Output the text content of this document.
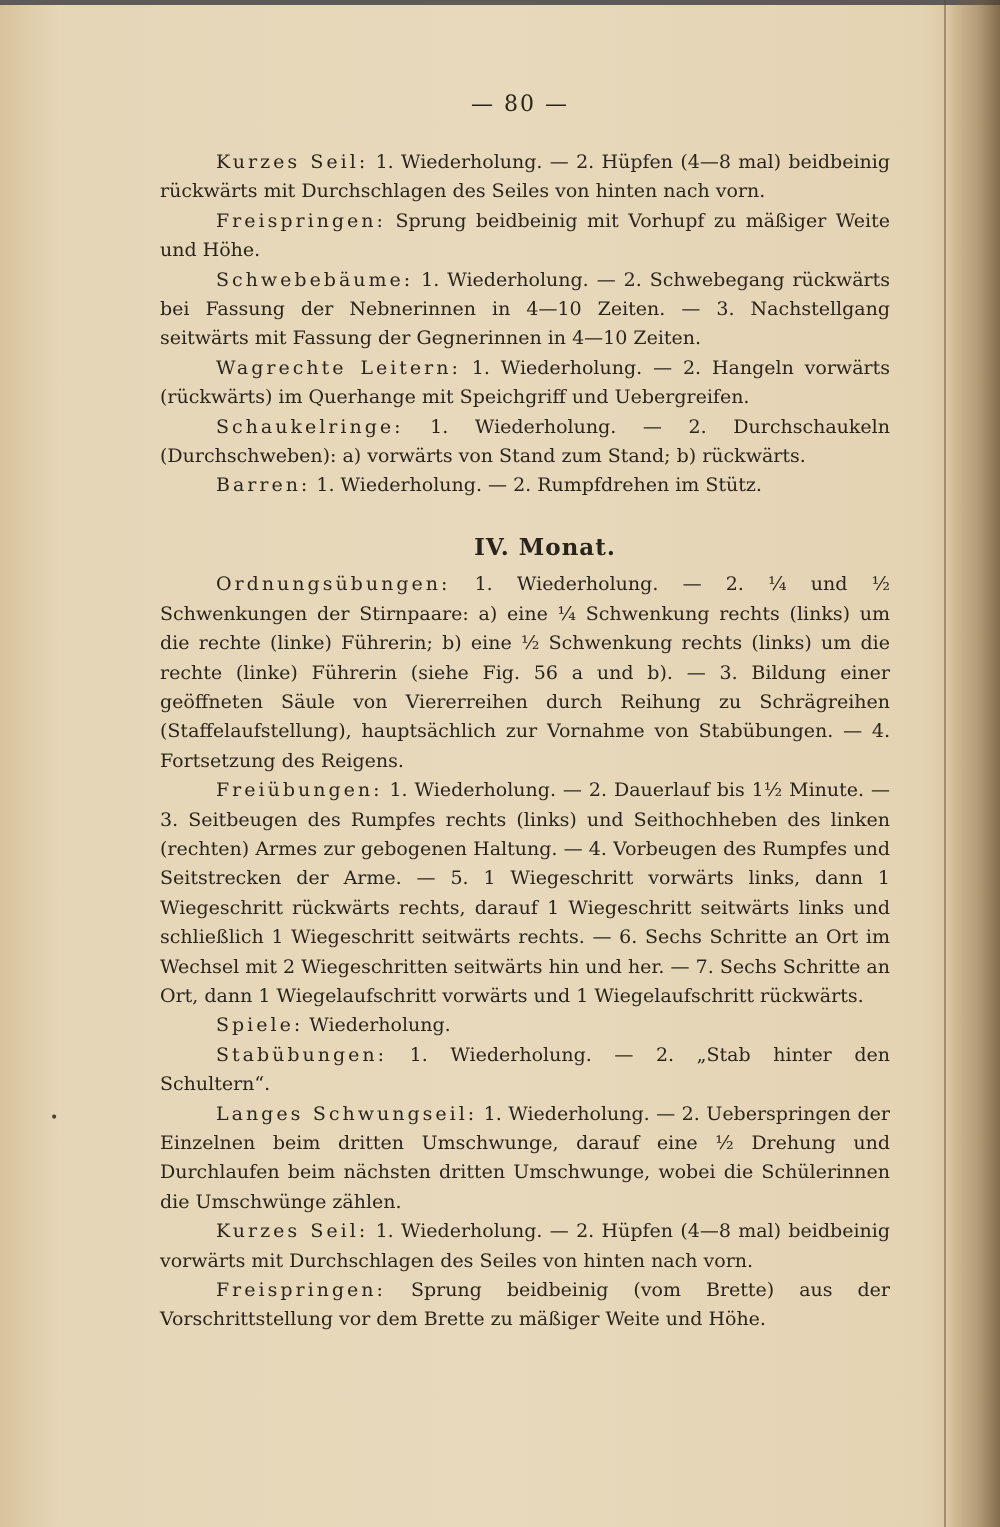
— 80 —

Kurzes Seil: 1. Wiederholung. — 2. Hüpfen (4—8 mal) beidbeinig rückwärts mit Durchschlagen des Seiles von hinten nach vorn.

Freispringen: Sprung beidbeinig mit Vorhupf zu mäßiger Weite und Höhe.

Schwebebäume: 1. Wiederholung. — 2. Schwebegang rückwärts bei Fassung der Nebnerinnen in 4—10 Zeiten. — 3. Nachstellgang seitwärts mit Fassung der Gegnerinnen in 4—10 Zeiten.

Wagrechte Leitern: 1. Wiederholung. — 2. Hangeln vorwärts (rückwärts) im Querhange mit Speichgriff und Uebergreifen.

Schaukelringe: 1. Wiederholung. — 2. Durchschaukeln (Durchschweben): a) vorwärts von Stand zum Stand; b) rückwärts.

Barren: 1. Wiederholung. — 2. Rumpfdrehen im Stütz.

IV. Monat.

Ordnungsübungen: 1. Wiederholung. — 2. ¼ und ½ Schwenkungen der Stirnpaare: a) eine ¼ Schwenkung rechts (links) um die rechte (linke) Führerin; b) eine ½ Schwenkung rechts (links) um die rechte (linke) Führerin (siehe Fig. 56 a und b). — 3. Bildung einer geöffneten Säule von Viererreihen durch Reihung zu Schrägreihen (Staffelaufstellung), hauptsächlich zur Vornahme von Stabübungen. — 4. Fortsetzung des Reigens.

Freiübungen: 1. Wiederholung. — 2. Dauerlauf bis 1½ Minute. — 3. Seitbeugen des Rumpfes rechts (links) und Seithochheben des linken (rechten) Armes zur gebogenen Haltung. — 4. Vorbeugen des Rumpfes und Seitstrecken der Arme. — 5. 1 Wiegeschritt vorwärts links, dann 1 Wiegeschritt rückwärts rechts, darauf 1 Wiegeschritt seitwärts links und schließlich 1 Wiegeschritt seitwärts rechts. — 6. Sechs Schritte an Ort im Wechsel mit 2 Wiegeschritten seitwärts hin und her. — 7. Sechs Schritte an Ort, dann 1 Wiegelaufschritt vorwärts und 1 Wiegelaufschritt rückwärts.

Spiele: Wiederholung.

Stabübungen: 1. Wiederholung. — 2. „Stab hinter den Schultern“.

Langes Schwungseil: 1. Wiederholung. — 2. Ueberspringen der Einzelnen beim dritten Umschwunge, darauf eine ½ Drehung und Durchlaufen beim nächsten dritten Umschwunge, wobei die Schülerinnen die Umschwünge zählen.

Kurzes Seil: 1. Wiederholung. — 2. Hüpfen (4—8 mal) beidbeinig vorwärts mit Durchschlagen des Seiles von hinten nach vorn.

Freispringen: Sprung beidbeinig (vom Brette) aus der Vorschrittstellung vor dem Brette zu mäßiger Weite und Höhe.

•
